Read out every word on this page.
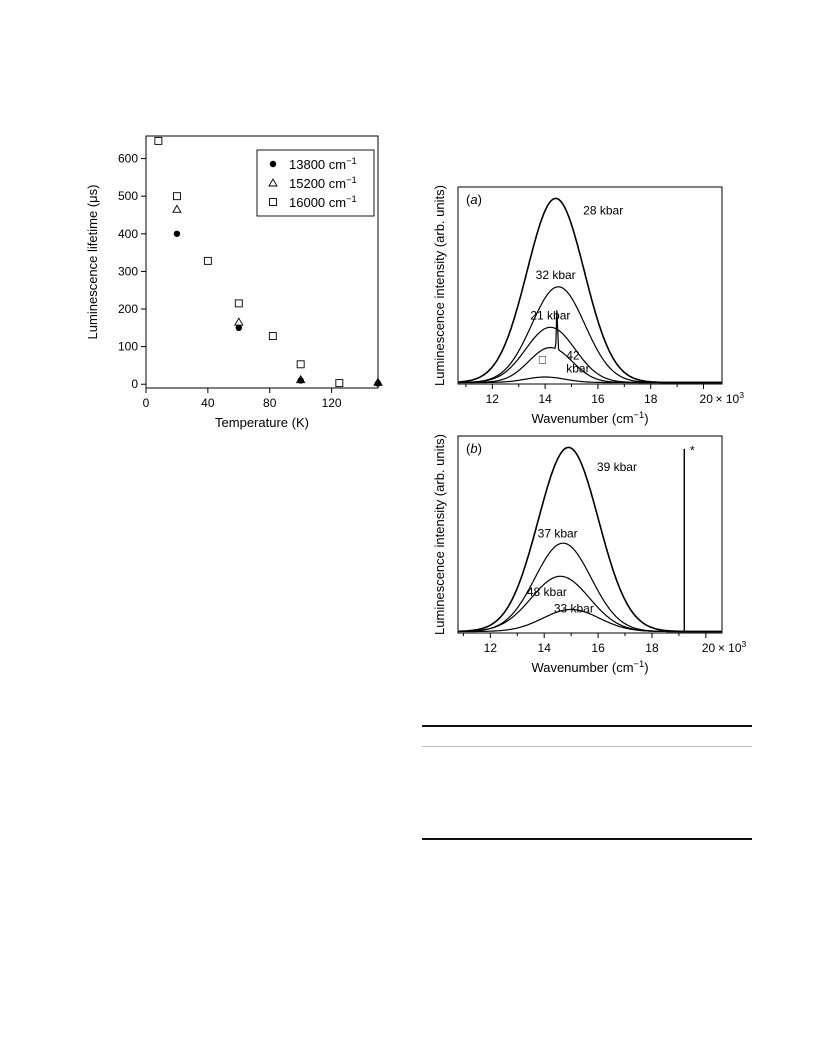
0	40	80	120
0
100
200
300
400
500
600
Temperature (K)
Luminescence lifetime (μs)
13800 $cm^{-1}$
15200 $cm^{-1}$
16000 $cm^{-1}$
12	14	16	18	$20 \times 10^3$
Wavenumber $(cm^{-1})$
Luminescence intensity (arb. units) (a)
28 kbar
32 kbar
21 kbar
42 kbar
□
12	14	16	18	$20 \times 10^3$
Wavenumber $(cm^{-1})$
Luminescence intensity (arb. units) (b)
39 kbar
37 kbar
48 kbar
33 kbar
*
